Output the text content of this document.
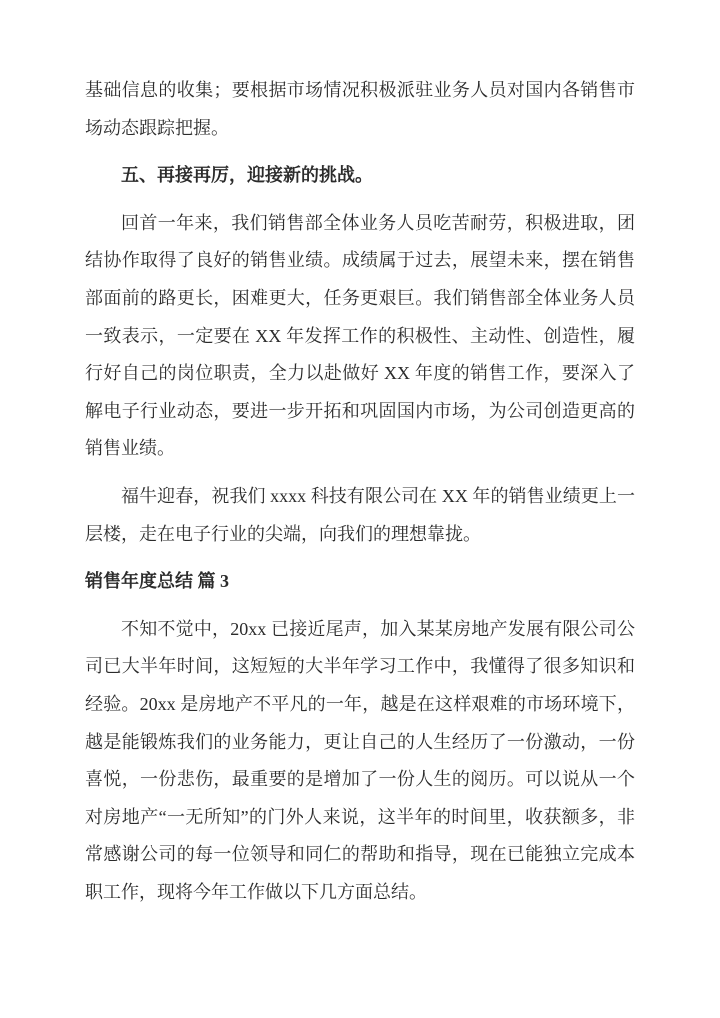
基础信息的收集；要根据市场情况积极派驻业务人员对国内各销售市场动态跟踪把握。

五、再接再厉，迎接新的挑战。

回首一年来，我们销售部全体业务人员吃苦耐劳，积极进取，团结协作取得了良好的销售业绩。成绩属于过去，展望未来，摆在销售部面前的路更长，困难更大，任务更艰巨。我们销售部全体业务人员一致表示，一定要在 XX 年发挥工作的积极性、主动性、创造性，履行好自己的岗位职责，全力以赴做好 XX 年度的销售工作，要深入了解电子行业动态，要进一步开拓和巩固国内市场，为公司创造更高的销售业绩。

福牛迎春，祝我们 xxxx 科技有限公司在 XX 年的销售业绩更上一层楼，走在电子行业的尖端，向我们的理想靠拢。

销售年度总结 篇 3

不知不觉中，20xx 已接近尾声，加入某某房地产发展有限公司公司已大半年时间，这短短的大半年学习工作中，我懂得了很多知识和经验。20xx 是房地产不平凡的一年，越是在这样艰难的市场环境下，越是能锻炼我们的业务能力，更让自己的人生经历了一份激动，一份喜悦，一份悲伤，最重要的是增加了一份人生的阅历。可以说从一个对房地产“一无所知”的门外人来说，这半年的时间里，收获额多，非常感谢公司的每一位领导和同仁的帮助和指导，现在已能独立完成本职工作，现将今年工作做以下几方面总结。
